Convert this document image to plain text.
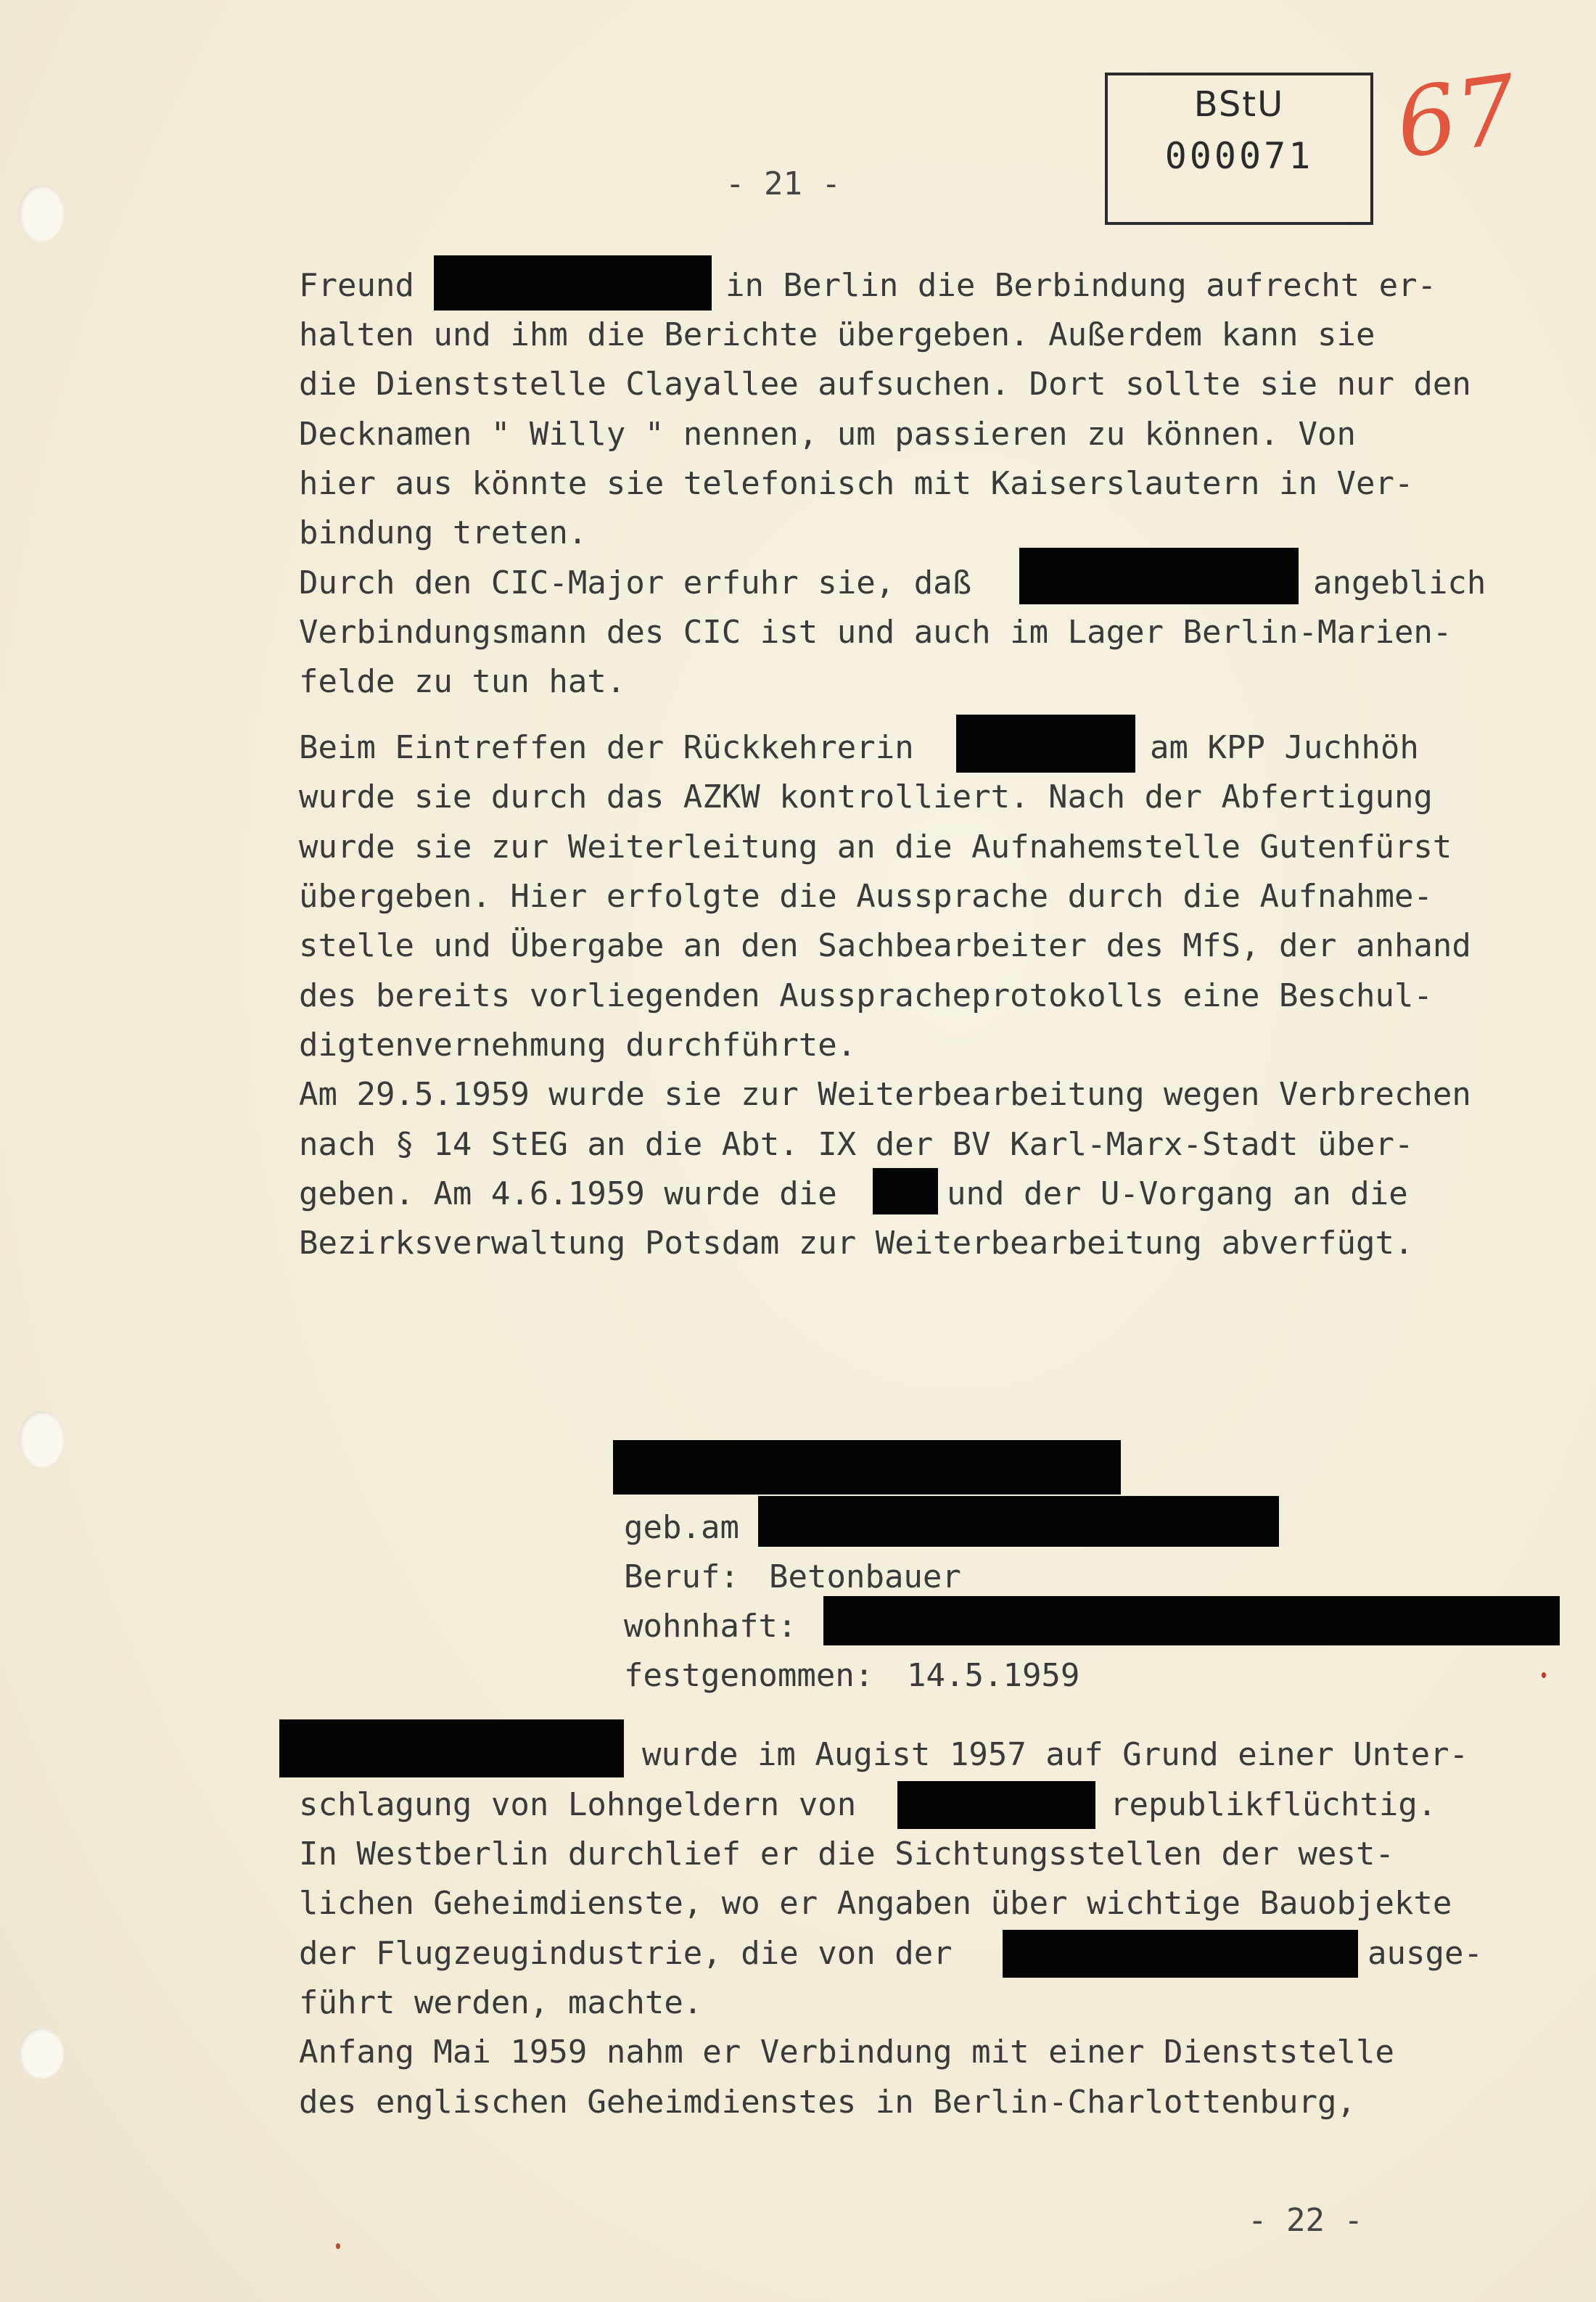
- 21 -
BStU
000071 67
Freund	in Berlin die Berbindung aufrecht er-
halten und ihm die Berichte übergeben. Außerdem kann sie
die Dienststelle Clayallee aufsuchen. Dort sollte sie nur den
Decknamen " Willy " nennen, um passieren zu können. Von
hier aus könnte sie telefonisch mit Kaiserslautern in Ver-
bindung treten.
Durch den CIC-Major erfuhr sie, daß	angeblich
Verbindungsmann des CIC ist und auch im Lager Berlin-Marien-
felde zu tun hat.
Beim Eintreffen der Rückkehrerin	am KPP Juchhöh
wurde sie durch das AZKW kontrolliert. Nach der Abfertigung
wurde sie zur Weiterleitung an die Aufnahemstelle Gutenfürst
übergeben. Hier erfolgte die Aussprache durch die Aufnahme-
stelle und Übergabe an den Sachbearbeiter des MfS, der anhand
des bereits vorliegenden Ausspracheprotokolls eine Beschul-
digtenvernehmung durchführte.
Am 29.5.1959 wurde sie zur Weiterbearbeitung wegen Verbrechen
nach § 14 StEG an die Abt. IX der BV Karl-Marx-Stadt über-
geben. Am 4.6.1959 wurde die	und der U-Vorgang an die
Bezirksverwaltung Potsdam zur Weiterbearbeitung abverfügt.
geb.am
Beruf: Betonbauer
wohnhaft:
festgenommen: 14.5.1959
wurde im Augist 1957 auf Grund einer Unter-
schlagung von Lohngeldern von	republikflüchtig.
In Westberlin durchlief er die Sichtungsstellen der west-
lichen Geheimdienste, wo er Angaben über wichtige Bauobjekte
der Flugzeugindustrie, die von der	ausge-
führt werden, machte.
Anfang Mai 1959 nahm er Verbindung mit einer Dienststelle
des englischen Geheimdienstes in Berlin-Charlottenburg,
- 22 -
